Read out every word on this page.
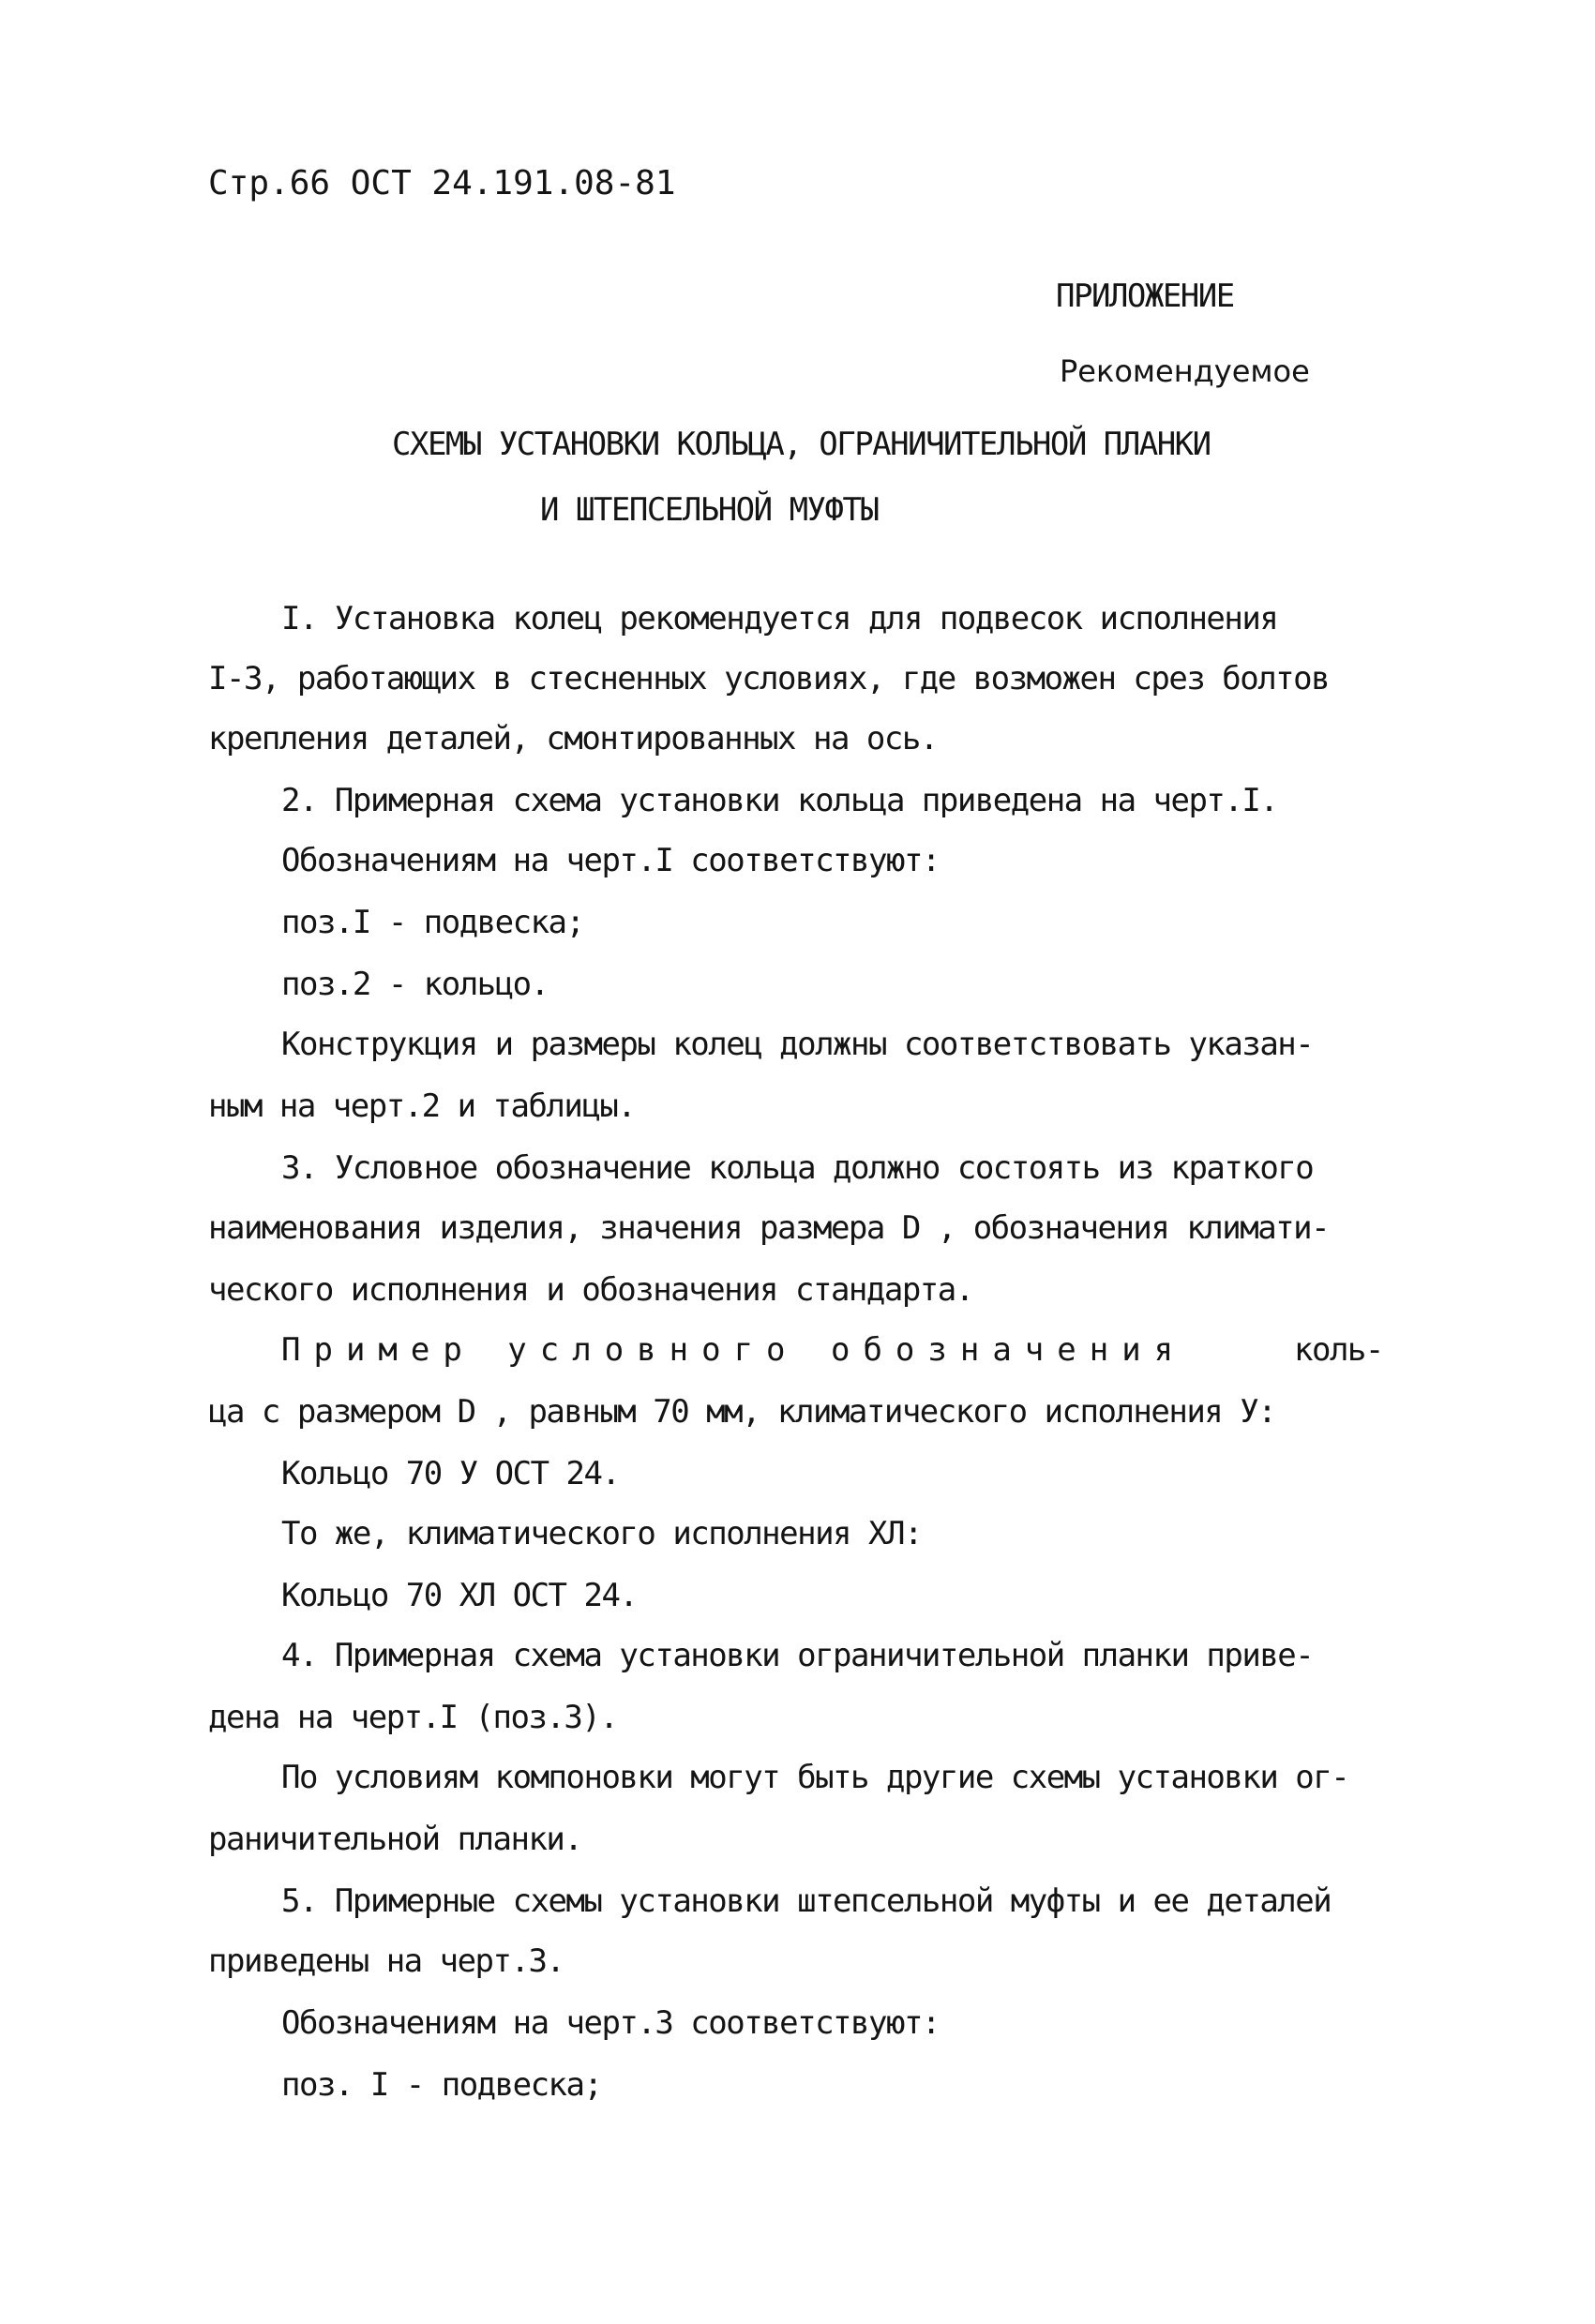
Стр.66 ОСТ 24.191.08-81
ПРИЛОЖЕНИЕ
Рекомендуемое
СХЕМЫ УСТАНОВКИ КОЛЬЦА, ОГРАНИЧИТЕЛЬНОЙ ПЛАНКИ
И ШТЕПСЕЛЬНОЙ МУФТЫ
I. Установка колец рекомендуется для подвесок исполнения
I-3, работающих в стесненных условиях, где возможен срез болтов
крепления деталей, смонтированных на ось.
2. Примерная схема установки кольца приведена на черт.I.
Обозначениям на черт.I соответствуют:
поз.I - подвеска;
поз.2 - кольцо.
Конструкция и размеры колец должны соответствовать указан-
ным на черт.2 и таблицы.
3. Условное обозначение кольца должно состоять из краткого
наименования изделия, значения размера D , обозначения климати-
ческого исполнения и обозначения стандарта.
Пример условного обозначения	коль-
ца с размером D , равным 70 мм, климатического исполнения У:
Кольцо 70 У ОСТ 24.
То же, климатического исполнения ХЛ:
Кольцо 70 ХЛ ОСТ 24.
4. Примерная схема установки ограничительной планки приве-
дена на черт.I (поз.3).
По условиям компоновки могут быть другие схемы установки ог-
раничительной планки.
5. Примерные схемы установки штепсельной муфты и ее деталей
приведены на черт.3.
Обозначениям на черт.3 соответствуют:
поз. I - подвеска;
